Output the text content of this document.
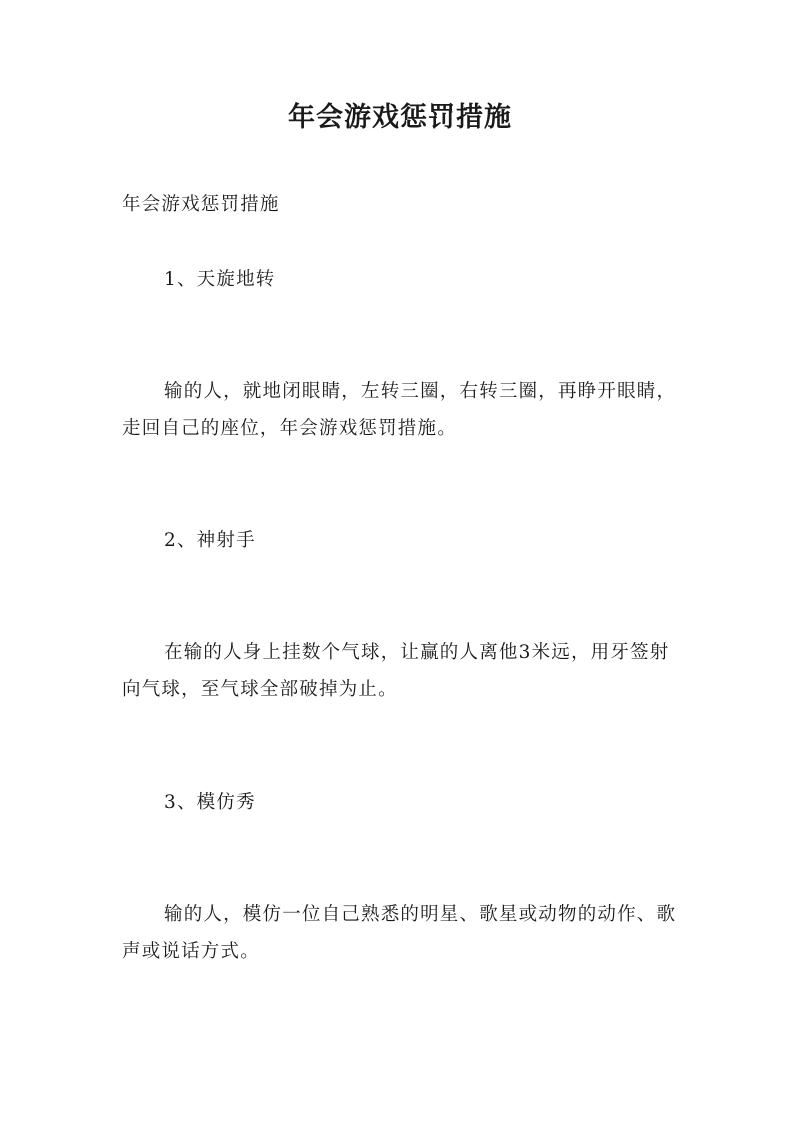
年会游戏惩罚措施

年会游戏惩罚措施

1、天旋地转

输的人，就地闭眼睛，左转三圈，右转三圈，再睁开眼睛，走回自己的座位，年会游戏惩罚措施。

2、神射手

在输的人身上挂数个气球，让赢的人离他3米远，用牙签射向气球，至气球全部破掉为止。

3、模仿秀

输的人，模仿一位自己熟悉的明星、歌星或动物的动作、歌声或说话方式。
